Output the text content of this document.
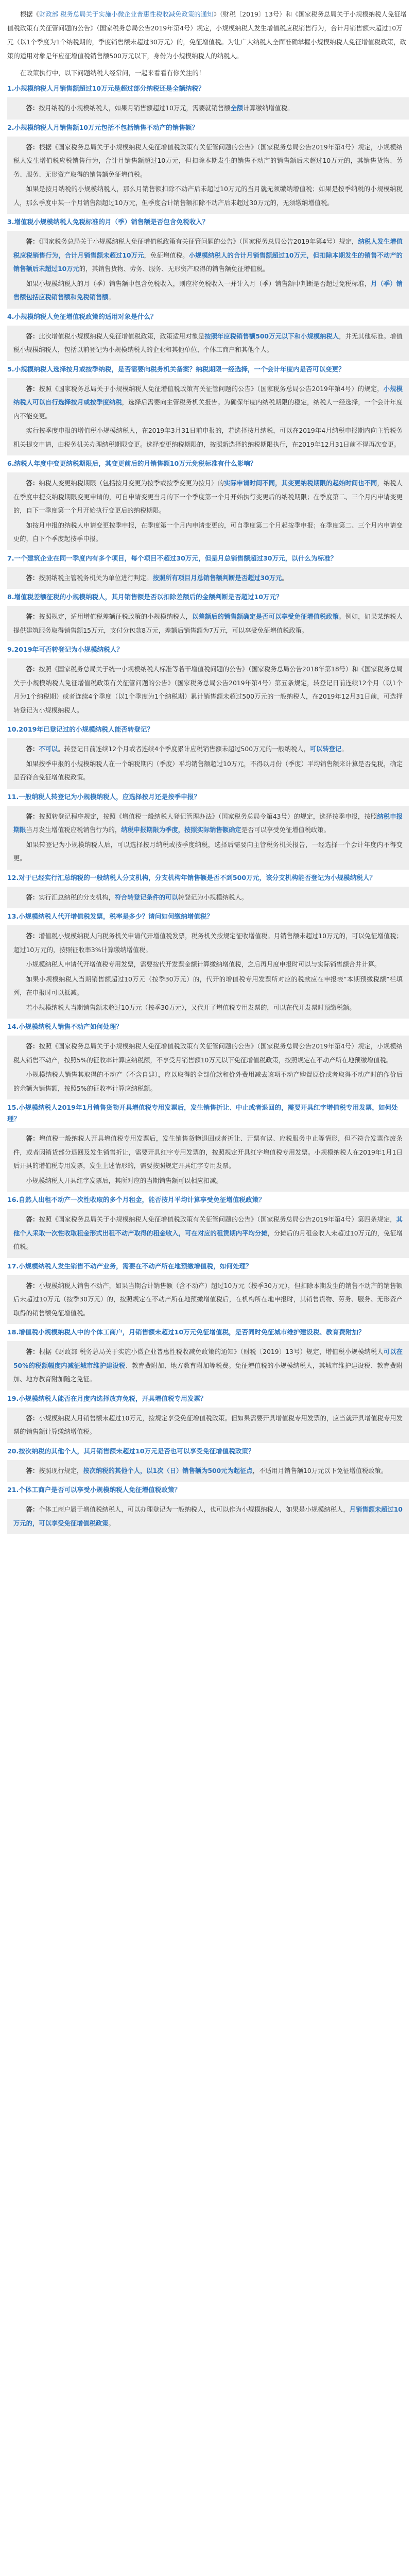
根据《财政部 税务总局关于实施小微企业普惠性税收减免政策的通知》（财税〔2019〕13号）和《国家税务总局关于小规模纳税人免征增值税政策有关征管问题的公告》（国家税务总局公告2019年第4号）规定，小规模纳税人发生增值税应税销售行为，合计月销售额未超过10万元（以1个季度为1个纳税期的，季度销售额未超过30万元）的，免征增值税。为让广大纳税人全面准确掌握小规模纳税人免征增值税政策，政策的适用对象是年应征增值税销售额500万元以下，身份为小规模纳税人的纳税人。

在政策执行中，以下问题纳税人经常问，一起来看看有你关注的！

1.小规模纳税人月销售额超过10万元是超过部分纳税还是全额纳税？

答：按月纳税的小规模纳税人，如果月销售额超过10万元，需要就销售额全额计算缴纳增值税。

2.小规模纳税人月销售额10万元包括不包括销售不动产的销售额？

答：根据《国家税务总局关于小规模纳税人免征增值税政策有关征管问题的公告》（国家税务总局公告2019年第4号）规定，小规模纳税人发生增值税应税销售行为，合计月销售额超过10万元，但扣除本期发生的销售不动产的销售额后未超过10万元的，其销售货物、劳务、服务、无形资产取得的销售额免征增值税。

如果是按月纳税的小规模纳税人，那么月销售额扣除不动产后未超过10万元的当月就无须缴纳增值税；如果是按季纳税的小规模纳税人，那么季度中某一个月销售额超过10万元，但季度合计销售额扣除不动产后未超过30万元的，无须缴纳增值税。

3.增值税小规模纳税人免税标准的月（季）销售额是否包含免税收入？

答：《国家税务总局关于小规模纳税人免征增值税政策有关征管问题的公告》（国家税务总局公告2019年第4号）规定，纳税人发生增值税应税销售行为，合计月销售额未超过10万元，免征增值税。小规模纳税人的合计月销售额超过10万元，但扣除本期发生的销售不动产的销售额后未超过10万元的，其销售货物、劳务、服务、无形资产取得的销售额免征增值税。

如果小规模纳税人的月（季）销售额中包含免税收入，则应将免税收入一并计入月（季）销售额中判断是否超过免税标准，月（季）销售额包括应税销售额和免税销售额。

4.小规模纳税人免征增值税政策的适用对象是什么？

答：此次增值税小规模纳税人免征增值税政策，政策适用对象是按照年应税销售额500万元以下和小规模纳税人，并无其他标准。增值税小规模纳税人，包括以前登记为小规模纳税人的企业和其他单位、个体工商户和其他个人。

5.小规模纳税人选择按月或按季纳税，是否需要向税务机关备案？纳税期限一经选择，一个会计年度内是否可以变更？

答：按照《国家税务总局关于小规模纳税人免征增值税政策有关征管问题的公告》（国家税务总局公告2019年第4号）的规定，小规模纳税人可以自行选择按月或按季度纳税，选择后需要向主管税务机关报告。为确保年度内纳税期限的稳定，纳税人一经选择，一个会计年度内不能变更。

实行按季度申报的增值税小规模纳税人，在2019年3月31日前申报的，若选择按月纳税，可以在2019年4月纳税申报期内向主管税务机关提交申请，由税务机关办理纳税期限变更。选择变更纳税期限的，按照新选择的纳税期限执行，在2019年12月31日前不得再次变更。

6.纳税人年度中变更纳税期限后，其变更前后的月销售额10万元免税标准有什么影响？

答：纳税人变更纳税期限（包括按月变更为按季或按季变更为按月）的实际申请时间不同，其变更纳税期限的起始时间也不同，纳税人在季度中提交纳税期限变更申请的，可自申请变更当月的下一个季度第一个月开始执行变更后的纳税期限；在季度第二、三个月内申请变更的，自下一季度第一个月开始执行变更后的纳税期限。

如按月申报的纳税人申请变更按季申报，在季度第一个月内申请变更的，可自季度第二个月起按季申报；在季度第二、三个月内申请变更的，自下个季度起按季申报。

7.一个建筑企业在同一季度内有多个项目，每个项目不超过30万元，但是月总销售额超过30万元，以什么为标准？

答：按照纳税主管税务机关为单位进行判定。按照所有项目月总销售额判断是否超过30万元。

8.增值税差额征税的小规模纳税人，其月销售额是否以扣除差额后的金额判断是否超过10万元？

答：按照规定，适用增值税差额征税政策的小规模纳税人，以差额后的销售额确定是否可以享受免征增值税政策。例如，如果某纳税人提供建筑服务取得销售额15万元，支付分包款8万元，差额后销售额为7万元，可以享受免征增值税政策。

9.2019年可否转登记为小规模纳税人？

答：按照《国家税务总局关于统一小规模纳税人标准等若干增值税问题的公告》（国家税务总局公告2018年第18号）和《国家税务总局关于小规模纳税人免征增值税政策有关征管问题的公告》（国家税务总局公告2019年第4号）第五条规定，转登记日前连续12个月（以1个月为1个纳税期）或者连续4个季度（以1个季度为1个纳税期）累计销售额未超过500万元的一般纳税人，在2019年12月31日前，可选择转登记为小规模纳税人。

10.2019年已登记过的小规模纳税人能否转登记？

答：不可以。转登记日前连续12个月或者连续4个季度累计应税销售额未超过500万元的一般纳税人，可以转登记。

如果按季申报的小规模纳税人在一个纳税期内（季度）平均销售额超过10万元，不得以月份（季度）平均销售额来计算是否免税，确定是否符合免征增值税政策。

11.一般纳税人转登记为小规模纳税人，应选择按月还是按季申报？

答：按照转登记程序规定，按照《增值税一般纳税人登记管理办法》（国家税务总局令第43号）的规定，选择按季申报，按照纳税申报期限当月发生增值税应税销售行为的，纳税申报期限为季度，按照实际销售额确定是否可以享受免征增值税政策。

如果转登记为小规模纳税人后，可以选择按月纳税或按季度纳税，选择后需要向主管税务机关报告，一经选择一个会计年度内不得变更。

12.对于已经实行汇总纳税的一般纳税人分支机构，分支机构年销售额是否不到500万元，该分支机构能否登记为小规模纳税人？

答：实行汇总纳税的分支机构，符合转登记条件的可以转登记为小规模纳税人。

13.小规模纳税人代开增值税发票，税率是多少？请问如何缴纳增值税？

答：增值税小规模纳税人向税务机关申请代开增值税发票，税务机关按规定征收增值税。月销售额未超过10万元的，可以免征增值税；超过10万元的，按照征收率3%计算缴纳增值税。

小规模纳税人申请代开增值税专用发票，需要按代开发票金额计算缴纳增值税，之后再月度申报时可以与实际销售额合并计算。

如果小规模纳税人当期销售额超过10万元（按季30万元）的，代开的增值税专用发票所对应的税款应在申报表“本期预缴税额”栏填列，在申报时可以抵减。

若小规模纳税人当期销售额未超过10万元（按季30万元），又代开了增值税专用发票的，可以在代开发票时预缴税额。

14.小规模纳税人销售不动产如何处理？

答：按照《国家税务总局关于小规模纳税人免征增值税政策有关征管问题的公告》（国家税务总局公告2019年第4号）规定，小规模纳税人销售不动产，按照5%的征收率计算应纳税额，不享受月销售额10万元以下免征增值税政策，按照规定在不动产所在地预缴增值税。

小规模纳税人销售其取得的不动产（不含自建），应以取得的全部价款和价外费用减去该项不动产购置原价或者取得不动产时的作价后的余额为销售额，按照5%的征收率计算应纳税额。

15.小规模纳税人2019年1月销售货物开具增值税专用发票后，发生销售折让、中止或者退回的，需要开具红字增值税专用发票，如何处理？

答：增值税一般纳税人开具增值税专用发票后，发生销售货物退回或者折让、开票有误、应税服务中止等情形，但不符合发票作废条件，或者因销货部分退回及发生销售折让，需要开具红字专用发票的，按照规定开具红字增值税专用发票。小规模纳税人在2019年1月1日后开具的增值税专用发票，发生上述情形的，需要按照规定开具红字专用发票。

小规模纳税人开具红字发票后，其所对应的当期销售额可以相应扣减。

16.自然人出租不动产一次性收取的多个月租金，能否按月平均计算享受免征增值税政策？

答：按照《国家税务总局关于小规模纳税人免征增值税政策有关征管问题的公告》（国家税务总局公告2019年第4号）第四条规定，其他个人采取一次性收取租金形式出租不动产取得的租金收入，可在对应的租赁期内平均分摊，分摊后的月租金收入未超过10万元的，免征增值税。

17.小规模纳税人发生销售不动产业务，需要在不动产所在地预缴增值税，如何处理？

答：小规模纳税人销售不动产，如果当期合计销售额（含不动产）超过10万元（按季30万元），但扣除本期发生的销售不动产的销售额后未超过10万元（按季30万元）的，按照规定在不动产所在地预缴增值税后，在机构所在地申报时，其销售货物、劳务、服务、无形资产取得的销售额免征增值税。

18.增值税小规模纳税人中的个体工商户，月销售额未超过10万元免征增值税，是否同时免征城市维护建设税、教育费附加？

答：根据《财政部 税务总局关于实施小微企业普惠性税收减免政策的通知》（财税〔2019〕13号）规定，增值税小规模纳税人可以在50%的税额幅度内减征城市维护建设税、教育费附加、地方教育附加等税费。免征增值税的小规模纳税人，其城市维护建设税、教育费附加、地方教育附加随之免征。

19.小规模纳税人能否在月度内选择放弃免税，开具增值税专用发票？

答：小规模纳税人月销售额未超过10万元，按规定享受免征增值税政策。但如果需要开具增值税专用发票的，应当就开具增值税专用发票的销售额计算缴纳增值税。

20.按次纳税的其他个人，其月销售额未超过10万元是否也可以享受免征增值税政策？

答：按照现行规定，按次纳税的其他个人，以1次（日）销售额为500元为起征点，不适用月销售额10万元以下免征增值税政策。

21.个体工商户是否可以享受小规模纳税人免征增值税政策？

答：个体工商户属于增值税纳税人，可以办理登记为一般纳税人，也可以作为小规模纳税人，如果是小规模纳税人，月销售额未超过10万元的，可以享受免征增值税政策。
